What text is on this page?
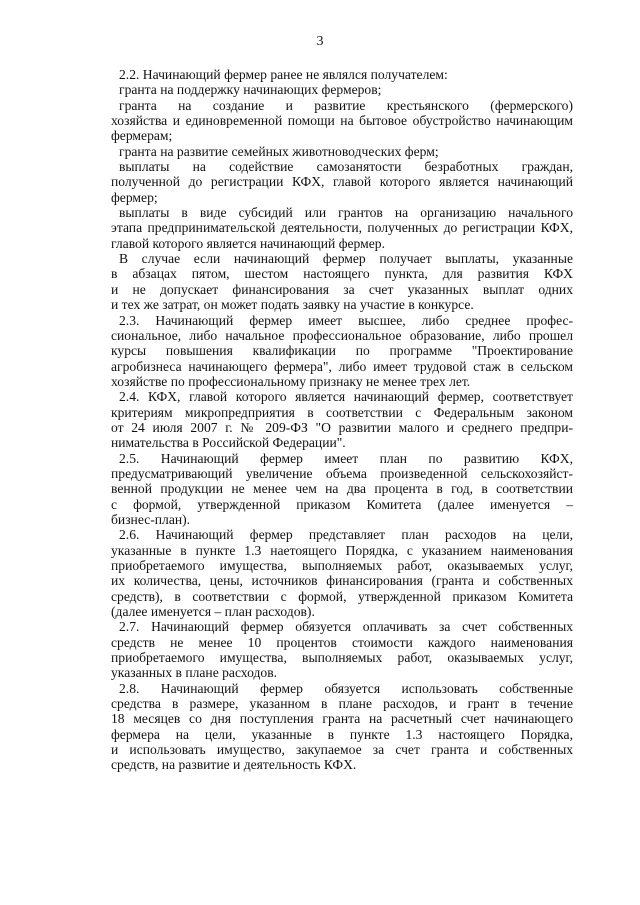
3
2.2. Начинающий фермер ранее не являлся получателем:
гранта на поддержку начинающих фермеров;
гранта на создание и развитие крестьянского (фермерского)
хозяйства и единовременной помощи на бытовое обустройство начинающим
фермерам;
гранта на развитие семейных животноводческих ферм;
выплаты на содействие самозанятости безработных граждан,
полученной до регистрации КФХ, главой которого является начинающий
фермер;
выплаты в виде субсидий или грантов на организацию начального
этапа предпринимательской деятельности, полученных до регистрации КФХ,
главой которого является начинающий фермер.
В случае если начинающий фермер получает выплаты, указанные
в абзацах пятом, шестом настоящего пункта, для развития КФХ
и не допускает финансирования за счет указанных выплат одних
и тех же затрат, он может подать заявку на участие в конкурсе.
2.3. Начинающий фермер имеет высшее, либо среднее профес-
сиональное, либо начальное профессиональное образование, либо прошел
курсы повышения квалификации по программе "Проектирование
агробизнеса начинающего фермера", либо имеет трудовой стаж в сельском
хозяйстве по профессиональному признаку не менее трех лет.
2.4. КФХ, главой которого является начинающий фермер, соответствует
критериям микропредприятия в соответствии с Федеральным законом
от 24 июля 2007 г. № 209-ФЗ "О развитии малого и среднего предпри-
нимательства в Российской Федерации".
2.5. Начинающий фермер имеет план по развитию КФХ,
предусматривающий увеличение объема произведенной сельскохозяйст-
венной продукции не менее чем на два процента в год, в соответствии
с формой, утвержденной приказом Комитета (далее именуется –
бизнес-план).
2.6. Начинающий фермер представляет план расходов на цели,
указанные в пункте 1.3 наетоящего Порядка, с указанием наименования
приобретаемого имущества, выполняемых работ, оказываемых услуг,
их количества, цены, источников финансирования (гранта и собственных
средств), в соответствии с формой, утвержденной приказом Комитета
(далее именуется – план расходов).
2.7. Начинающий фермер обязуется оплачивать за счет собственных
средств не менее 10 процентов стоимости каждого наименования
приобретаемого имущества, выполняемых работ, оказываемых услуг,
указанных в плане расходов.
2.8. Начинающий фермер обязуется использовать собственные
средства в размере, указанном в плане расходов, и грант в течение
18 месяцев со дня поступления гранта на расчетный счет начинающего
фермера на цели, указанные в пункте 1.3 настоящего Порядка,
и использовать имущество, закупаемое за счет гранта и собственных
средств, на развитие и деятельность КФХ.
